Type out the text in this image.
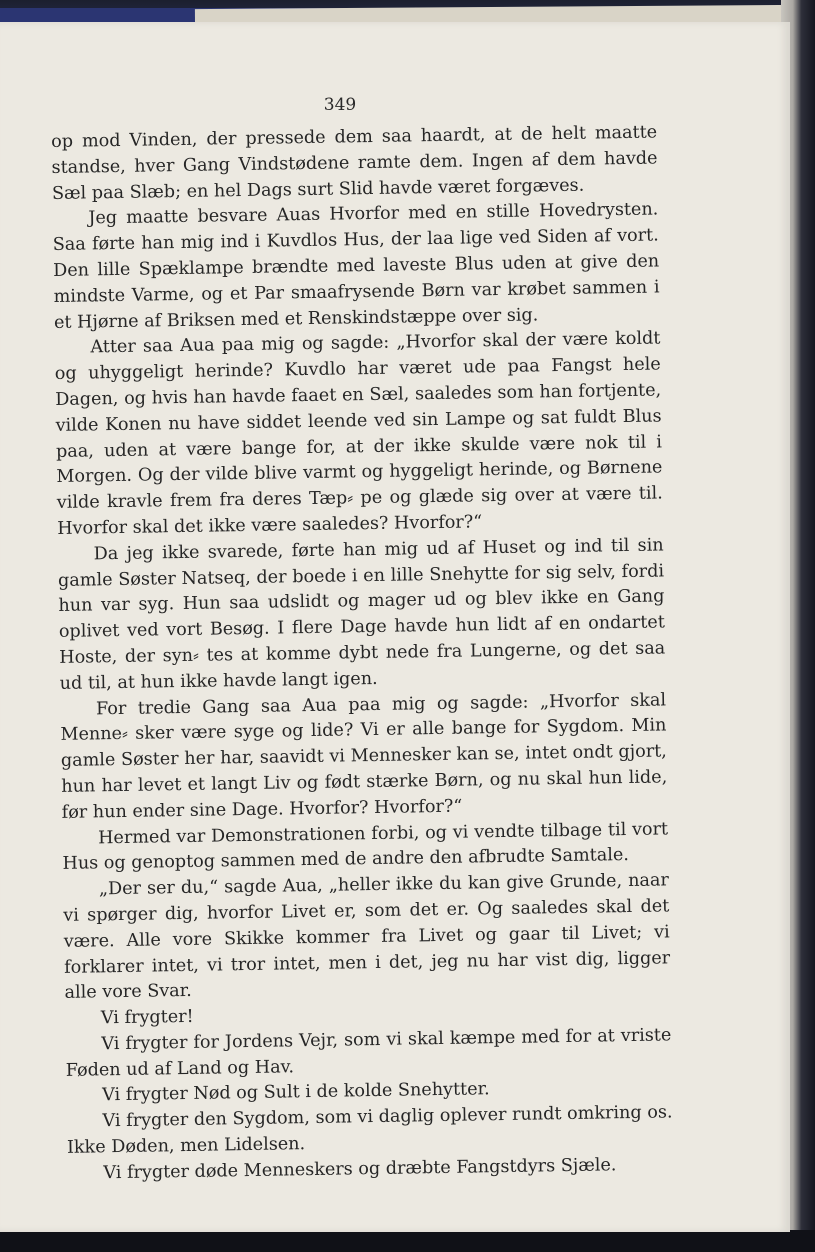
349

op mod Vinden, der pressede dem saa haardt, at de helt maatte standse, hver Gang Vindstødene ramte dem. Ingen af dem havde Sæl paa Slæb; en hel Dags surt Slid havde været forgæves.

Jeg maatte besvare Auas Hvorfor med en stille Hovedrysten. Saa førte han mig ind i Kuvdlos Hus, der laa lige ved Siden af vort. Den lille Spæklampe brændte med laveste Blus uden at give den mindste Varme, og et Par smaafrysende Børn var krøbet sammen i et Hjørne af Briksen med et Renskindstæppe over sig.

Atter saa Aua paa mig og sagde: „Hvorfor skal der være koldt og uhyggeligt herinde? Kuvdlo har været ude paa Fangst hele Dagen, og hvis han havde faaet en Sæl, saaledes som han fortjente, vilde Konen nu have siddet leende ved sin Lampe og sat fuldt Blus paa, uden at være bange for, at der ikke skulde være nok til i Morgen. Og der vilde blive varmt og hyggeligt herinde, og Børnene vilde kravle frem fra deres Tæp⸗ pe og glæde sig over at være til. Hvorfor skal det ikke være saaledes? Hvorfor?“

Da jeg ikke svarede, førte han mig ud af Huset og ind til sin gamle Søster Natseq, der boede i en lille Snehytte for sig selv, fordi hun var syg. Hun saa udslidt og mager ud og blev ikke en Gang oplivet ved vort Besøg. I flere Dage havde hun lidt af en ondartet Hoste, der syn⸗ tes at komme dybt nede fra Lungerne, og det saa ud til, at hun ikke havde langt igen.

For tredie Gang saa Aua paa mig og sagde: „Hvorfor skal Menne⸗ sker være syge og lide? Vi er alle bange for Sygdom. Min gamle Søster her har, saavidt vi Mennesker kan se, intet ondt gjort, hun har levet et langt Liv og født stærke Børn, og nu skal hun lide, før hun ender sine Dage. Hvorfor? Hvorfor?“

Hermed var Demonstrationen forbi, og vi vendte tilbage til vort Hus og genoptog sammen med de andre den afbrudte Samtale.

„Der ser du,“ sagde Aua, „heller ikke du kan give Grunde, naar vi spørger dig, hvorfor Livet er, som det er. Og saaledes skal det være. Alle vore Skikke kommer fra Livet og gaar til Livet; vi forklarer intet, vi tror intet, men i det, jeg nu har vist dig, ligger alle vore Svar.

Vi frygter!

Vi frygter for Jordens Vejr, som vi skal kæmpe med for at vriste Føden ud af Land og Hav.

Vi frygter Nød og Sult i de kolde Snehytter.

Vi frygter den Sygdom, som vi daglig oplever rundt omkring os. Ikke Døden, men Lidelsen.

Vi frygter døde Menneskers og dræbte Fangstdyrs Sjæle.
